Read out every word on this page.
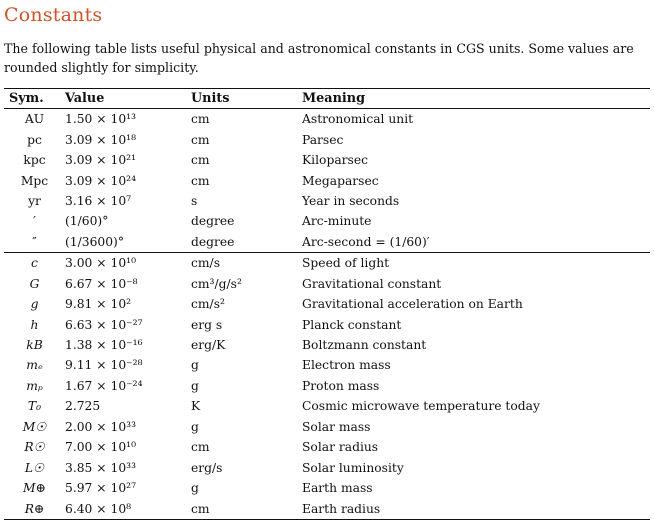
Constants
The following table lists useful physical and astronomical constants in CGS units. Some values are rounded slightly for simplicity.
Sym.	Value	Units	Meaning
AU	1.50 × 10¹³	cm	Astronomical unit
pc	3.09 × 10¹⁸	cm	Parsec
kpc	3.09 × 10²¹	cm	Kiloparsec
Mpc	3.09 × 10²⁴	cm	Megaparsec
yr	3.16 × 10⁷	s	Year in seconds
′	(1/60)°	degree	Arc-minute
″	(1/3600)°	degree	Arc-second = (1/60)′
c	3.00 × 10¹⁰	cm/s	Speed of light
G	6.67 × 10⁻⁸	cm³/g/s²	Gravitational constant
g	9.81 × 10²	cm/s²	Gravitational acceleration on Earth
h	6.63 × 10⁻²⁷	erg s	Planck constant
kB	1.38 × 10⁻¹⁶	erg/K	Boltzmann constant
mₑ	9.11 × 10⁻²⁸	g	Electron mass
mₚ	1.67 × 10⁻²⁴	g	Proton mass
T₀	2.725	K	Cosmic microwave temperature today
M☉	2.00 × 10³³	g	Solar mass
R☉	7.00 × 10¹⁰	cm	Solar radius
L☉	3.85 × 10³³	erg/s	Solar luminosity
M⊕	5.97 × 10²⁷	g	Earth mass
R⊕	6.40 × 10⁸	cm	Earth radius
